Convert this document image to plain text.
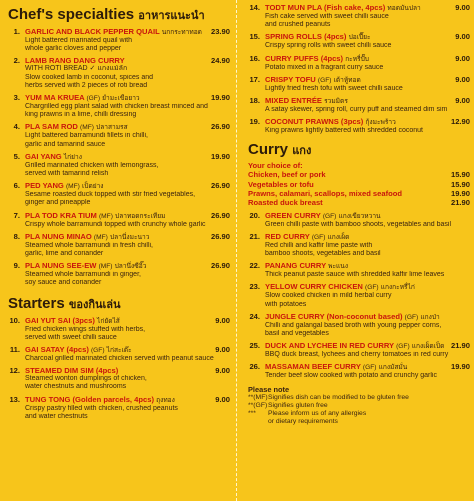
Chef's specialties อาหารแนะนำ
1. GARLIC AND BLACK PEPPER QUAIL นกกระทาทอด	23.90
Light battered marinated quail with
whole garlic cloves and pepper
2. LAMB RANG DANG CURRY	24.90
WITH ROTI BREAD ✓ แกงแม้ลัก
Slow cooked lamb in coconut, spices and
herbs served with 2 pieces of roti bread
3. YUM MA KRUEA (GF) ยำมะเขือยาว	19.90
Chargrilled egg plant salad with chicken breast minced and
king prawns in a lime, chilli dressing
4. PLA SAM ROD (MF) ปลาสามรส	26.90
Light battered barramundi fillets in chilli,
garlic and tamarind sauce
5. GAI YANG ไก่ย่าง	19.90
Grilled marinated chicken with lemongrass,
served with tamarind relish
6. PED YANG (MF) เป็ดย่าง	26.90
Sesame roasted duck topped with stir fried vegetables,
ginger and pineapple
7. PLA TOD KRA TIUM (MF) ปลาทอดกระเทียม	26.90
Crispy whole barramundi topped with crunchy whole garlic
8. PLA NUNG MINAO (MF) ปลานึ่งมะนาว	26.90
Steamed whole barramundi in fresh chilli,
garlic, lime and coriander
9. PLA NUNG SEE-EW (MF) ปลานึ่งซีอิ๊ว	26.90
Steamed whole barramundi in ginger,
soy sauce and coriander
Starters ของกินเล่น
10. GAI YUT SAI (3pcs) ไก่ยัดไส้	9.00
Fried chicken wings stuffed with herbs,
served with sweet chilli sauce
11. GAI SATAY (4pcs) (GF) ไก่สะเต๊ะ	9.00
Charcoal grilled marinated chicken served with peanut sauce
12. STEAMED DIM SIM (4pcs)	9.00
Steamed wonton dumplings of chicken,
water chestnuts and mushrooms
13. TUNG TONG (Golden parcels, 4pcs) ถุงทอง	9.00
Crispy pastry filled with chicken, crushed peanuts
and water chestnuts
14. TODT MUN PLA (Fish cake, 4pcs) ทอดมันปลา	9.00
Fish cake served with sweet chilli sauce
and crushed peanuts
15. SPRING ROLLS (4pcs) ปอเปี๊ยะ	9.00
Crispy spring rolls with sweet chilli sauce
16. CURRY PUFFS (4pcs) กะหรี่ปั๊บ	9.00
Potato mixed in a fragrant curry sauce
17. CRISPY TOFU (GF) เต้าหู้ทอด	9.00
Lightly fried fresh tofu with sweet chilli sauce
18. MIXED ENTRÉE รวมมิตร	9.00
A satay skewer, spring roll, curry puff and steamed dim sim
19. COCONUT PRAWNS (3pcs) กุ้งมะพร้าว	12.90
King prawns lightly battered with shredded coconut
Curry แกง
Your choice of:
Chicken, beef or pork	15.90
Vegetables or tofu	15.90
Prawns, calamari, scallops, mixed seafood	19.90
Roasted duck breast	21.90
20. GREEN CURRY (GF) แกงเขียวหวาน
Green chilli paste with bamboo shoots, vegetables and basil
21. RED CURRY (GF) แกงเผ็ด
Red chilli and kaffir lime paste with
bamboo shoots, vegetables and basil
22. PANANG CURRY พะแนง
Thick peanut paste sauce with shredded kaffir lime leaves
23. YELLOW CURRY CHICKEN (GF) แกงกะหรี่ไก่
Slow cooked chicken in mild herbal curry
with potatoes
24. JUNGLE CURRY (Non-coconut based) (GF) แกงป่า
Chilli and galangal based broth with young pepper corns,
basil and vegetables
25. DUCK AND LYCHEE IN RED CURRY (GF) แกงเผ็ดเป็ด 21.90
BBQ duck breast, lychees and cherry tomatoes in red curry
26. MASSAMAN BEEF CURRY (GF) แกงมัสมั่น	19.90
Tender beef slow cooked with potato and crunchy garlic
Please note
**(MF)Signifies dish can be modified to be gluten free
**(GF)Signifies gluten free
*** Please inform us of any allergies
or dietary requirements
